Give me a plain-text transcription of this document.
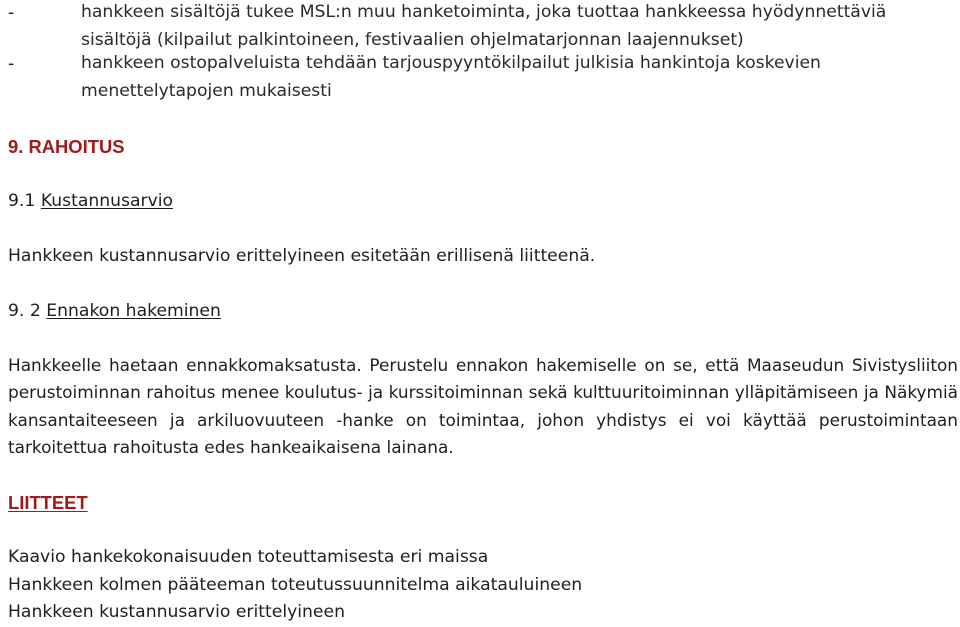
-	hankkeen sisältöjä tukee MSL:n muu hanketoiminta, joka tuottaa hankkeessa hyödynnettäviä
sisältöjä (kilpailut palkintoineen, festivaalien ohjelmatarjonnan laajennukset)
-	hankkeen ostopalveluista tehdään tarjouspyyntökilpailut julkisia hankintoja koskevien
menettelytapojen mukaisesti
9. RAHOITUS
9.1 Kustannusarvio
Hankkeen kustannusarvio erittelyineen esitetään erillisenä liitteenä.
9. 2 Ennakon hakeminen
Hankkeelle haetaan ennakkomaksatusta. Perustelu ennakon hakemiselle on se, että Maaseudun Sivistysliiton perustoiminnan rahoitus menee koulutus- ja kurssitoiminnan sekä kulttuuritoiminnan ylläpitämiseen ja Näkymiä kansantaiteeseen ja arkiluovuuteen -hanke on toimintaa, johon yhdistys ei voi käyttää perustoimintaan tarkoitettua rahoitusta edes hankeaikaisena lainana.
LIITTEET
Kaavio hankekokonaisuuden toteuttamisesta eri maissa
Hankkeen kolmen pääteeman toteutussuunnitelma aikatauluineen
Hankkeen kustannusarvio erittelyineen
